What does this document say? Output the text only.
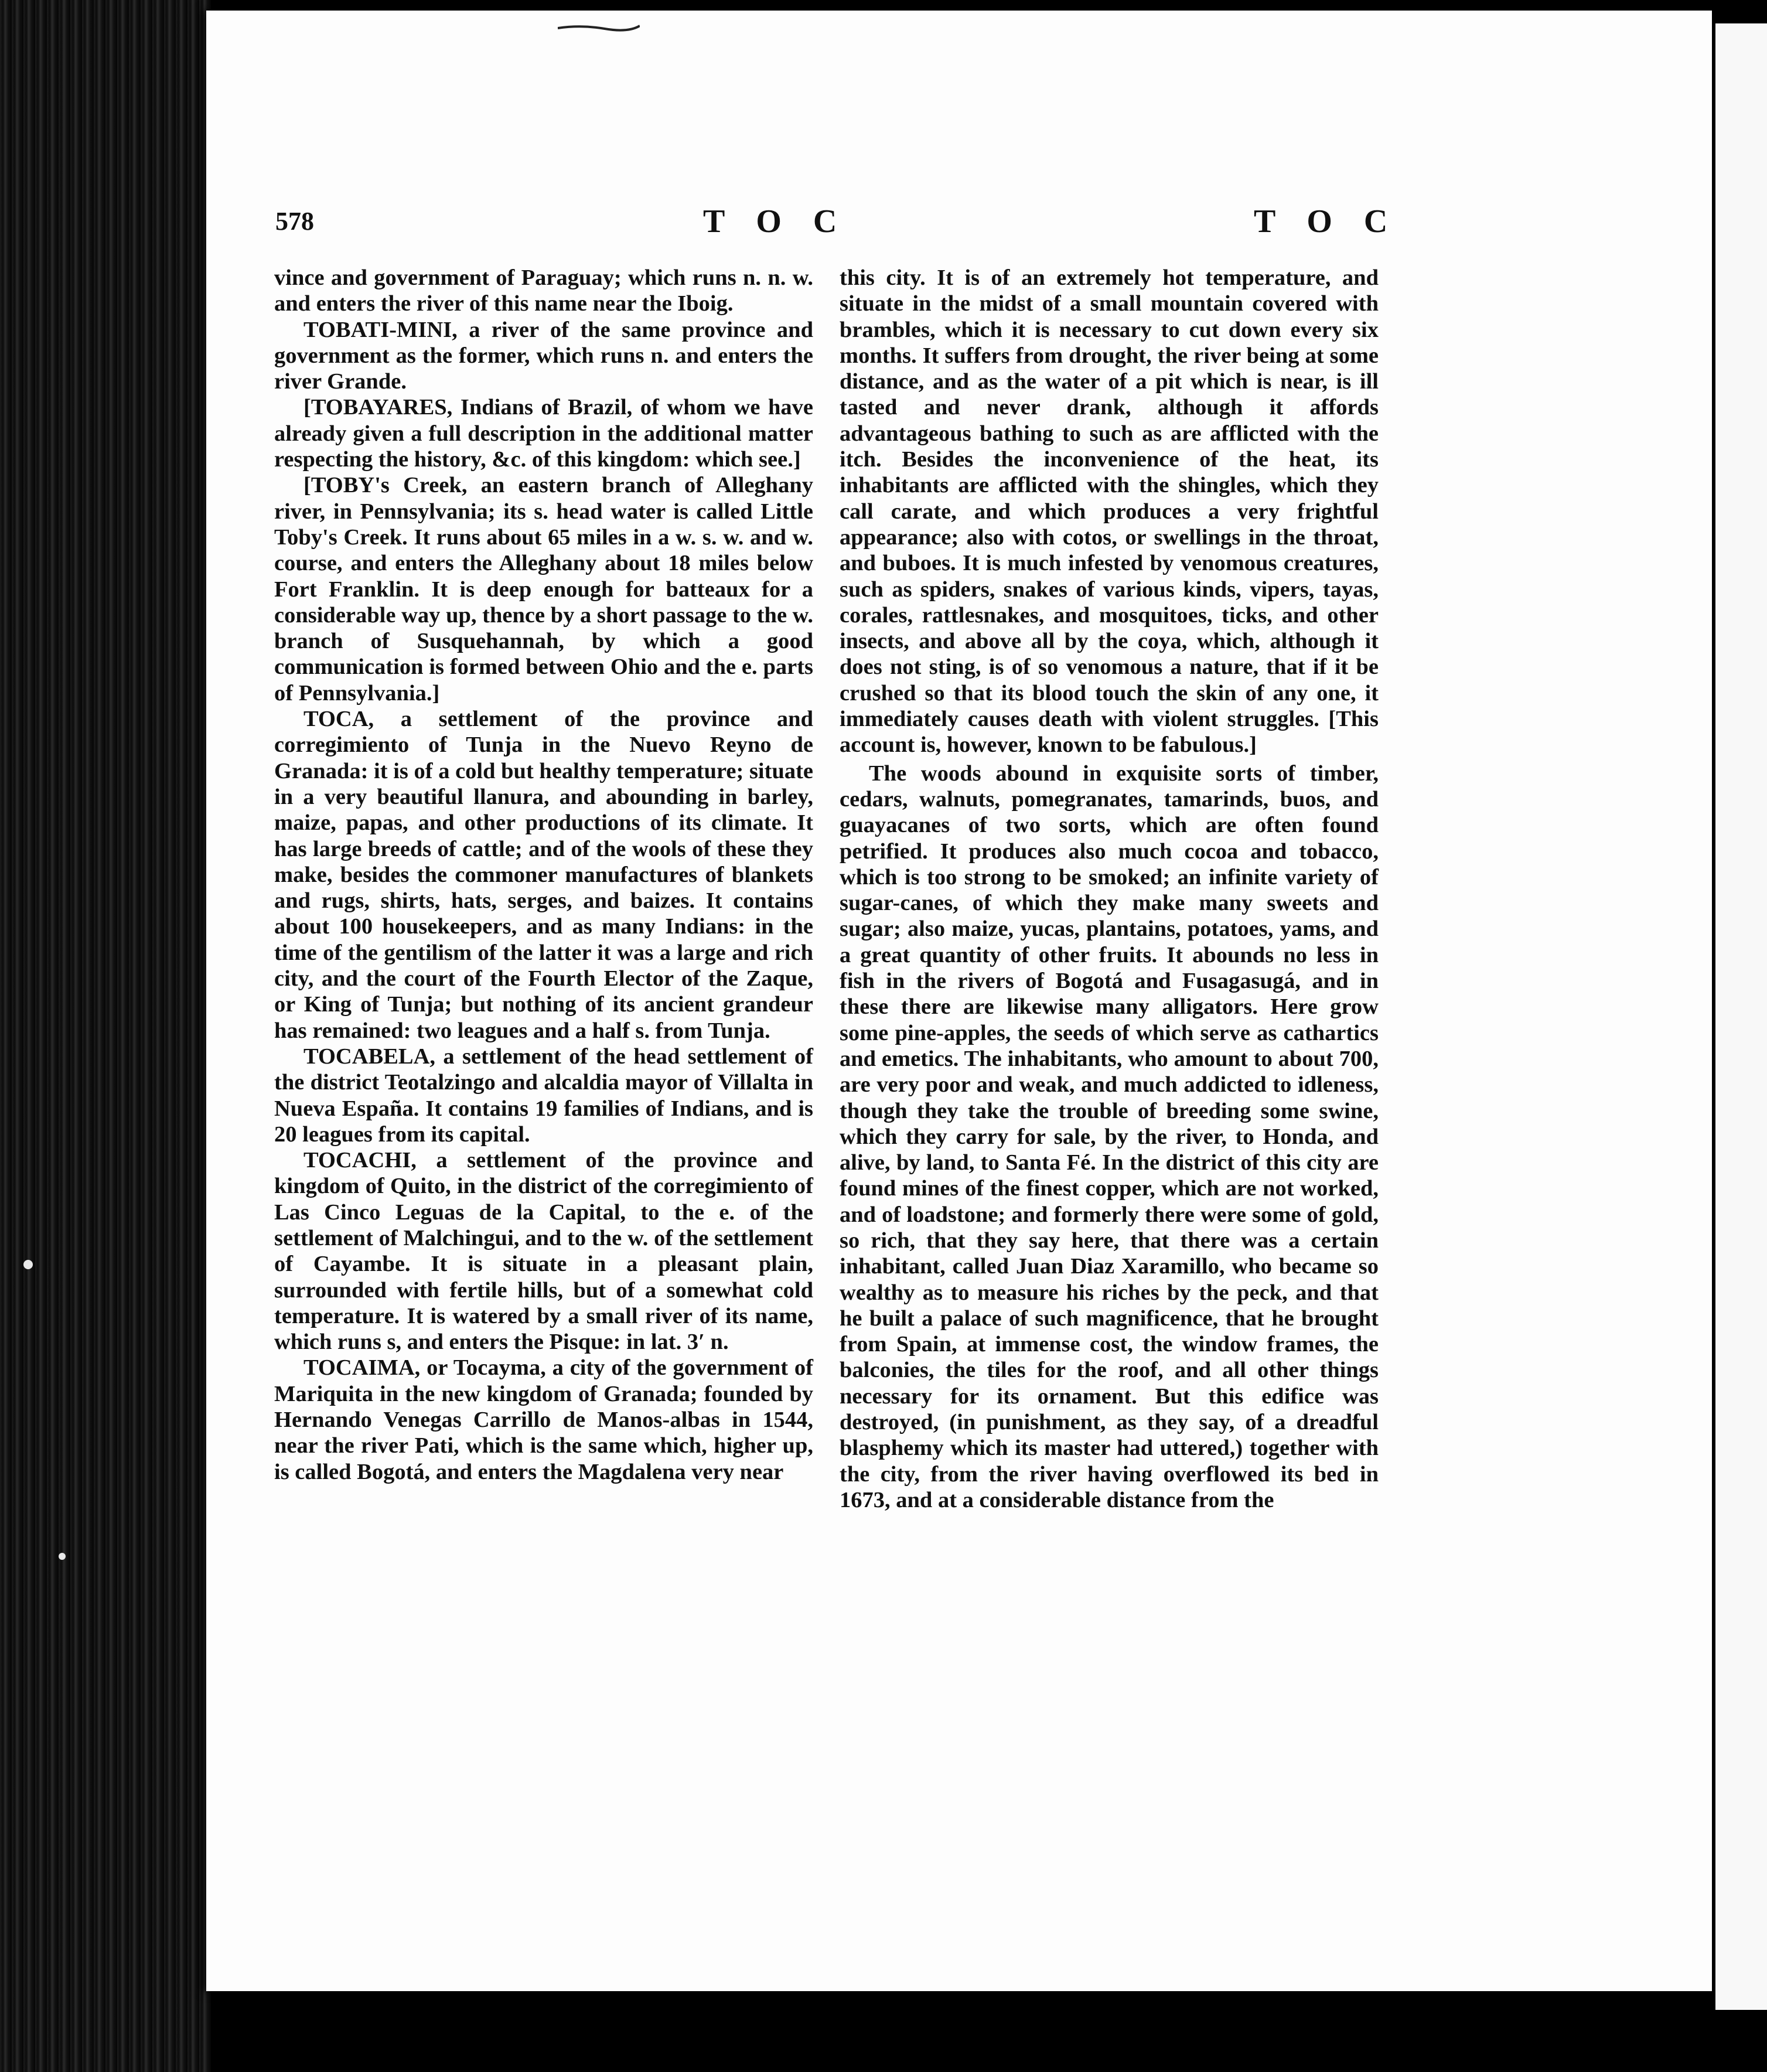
578	T O C	T O C

vince and government of Paraguay; which runs n. n. w. and enters the river of this name near the Iboig.

TOBATI-MINI, a river of the same province and government as the former, which runs n. and enters the river Grande.

[TOBAYARES, Indians of Brazil, of whom we have already given a full description in the additional matter respecting the history, &c. of this kingdom: which see.]

[TOBY's Creek, an eastern branch of Alleghany river, in Pennsylvania; its s. head water is called Little Toby's Creek. It runs about 65 miles in a w. s. w. and w. course, and enters the Alleghany about 18 miles below Fort Franklin. It is deep enough for batteaux for a considerable way up, thence by a short passage to the w. branch of Susquehannah, by which a good communication is formed between Ohio and the e. parts of Pennsylvania.]

TOCA, a settlement of the province and corregimiento of Tunja in the Nuevo Reyno de Granada: it is of a cold but healthy temperature; situate in a very beautiful llanura, and abounding in barley, maize, papas, and other productions of its climate. It has large breeds of cattle; and of the wools of these they make, besides the commoner manufactures of blankets and rugs, shirts, hats, serges, and baizes. It contains about 100 housekeepers, and as many Indians: in the time of the gentilism of the latter it was a large and rich city, and the court of the Fourth Elector of the Zaque, or King of Tunja; but nothing of its ancient grandeur has remained: two leagues and a half s. from Tunja.

TOCABELA, a settlement of the head settlement of the district Teotalzingo and alcaldia mayor of Villalta in Nueva España. It contains 19 families of Indians, and is 20 leagues from its capital.

TOCACHI, a settlement of the province and kingdom of Quito, in the district of the corregimiento of Las Cinco Leguas de la Capital, to the e. of the settlement of Malchingui, and to the w. of the settlement of Cayambe. It is situate in a pleasant plain, surrounded with fertile hills, but of a somewhat cold temperature. It is watered by a small river of its name, which runs s, and enters the Pisque: in lat. 3′ n.

TOCAIMA, or Tocayma, a city of the government of Mariquita in the new kingdom of Granada; founded by Hernando Venegas Carrillo de Manos-albas in 1544, near the river Pati, which is the same which, higher up, is called Bogotá, and enters the Magdalena very near

this city. It is of an extremely hot temperature, and situate in the midst of a small mountain covered with brambles, which it is necessary to cut down every six months. It suffers from drought, the river being at some distance, and as the water of a pit which is near, is ill tasted and never drank, although it affords advantageous bathing to such as are afflicted with the itch. Besides the inconvenience of the heat, its inhabitants are afflicted with the shingles, which they call carate, and which produces a very frightful appearance; also with cotos, or swellings in the throat, and buboes. It is much infested by venomous creatures, such as spiders, snakes of various kinds, vipers, tayas, corales, rattlesnakes, and mosquitoes, ticks, and other insects, and above all by the coya, which, although it does not sting, is of so venomous a nature, that if it be crushed so that its blood touch the skin of any one, it immediately causes death with violent struggles. [This account is, however, known to be fabulous.]

The woods abound in exquisite sorts of timber, cedars, walnuts, pomegranates, tamarinds, buos, and guayacanes of two sorts, which are often found petrified. It produces also much cocoa and tobacco, which is too strong to be smoked; an infinite variety of sugar-canes, of which they make many sweets and sugar; also maize, yucas, plantains, potatoes, yams, and a great quantity of other fruits. It abounds no less in fish in the rivers of Bogotá and Fusagasugá, and in these there are likewise many alligators. Here grow some pine-apples, the seeds of which serve as cathartics and emetics. The inhabitants, who amount to about 700, are very poor and weak, and much addicted to idleness, though they take the trouble of breeding some swine, which they carry for sale, by the river, to Honda, and alive, by land, to Santa Fé. In the district of this city are found mines of the finest copper, which are not worked, and of loadstone; and formerly there were some of gold, so rich, that they say here, that there was a certain inhabitant, called Juan Diaz Xaramillo, who became so wealthy as to measure his riches by the peck, and that he built a palace of such magnificence, that he brought from Spain, at immense cost, the window frames, the balconies, the tiles for the roof, and all other things necessary for its ornament. But this edifice was destroyed, (in punishment, as they say, of a dreadful blasphemy which its master had uttered,) together with the city, from the river having overflowed its bed in 1673, and at a considerable distance from the
